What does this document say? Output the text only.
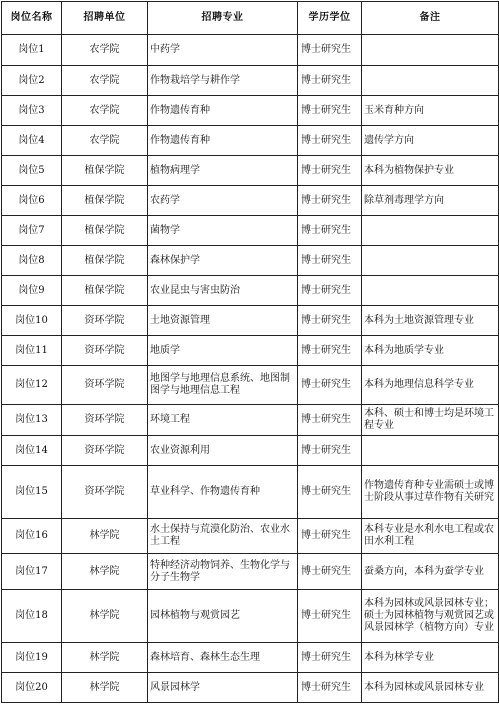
岗位名称	招聘单位	招聘专业	学历学位	备注
岗位1	农学院	中药学	博士研究生	
岗位2	农学院	作物栽培学与耕作学	博士研究生	
岗位3	农学院	作物遗传育种	博士研究生	玉米育种方向
岗位4	农学院	作物遗传育种	博士研究生	遗传学方向
岗位5	植保学院	植物病理学	博士研究生	本科为植物保护专业
岗位6	植保学院	农药学	博士研究生	除草剂毒理学方向
岗位7	植保学院	菌物学	博士研究生	
岗位8	植保学院	森林保护学	博士研究生	
岗位9	植保学院	农业昆虫与害虫防治	博士研究生	
岗位10	资环学院	土地资源管理	博士研究生	本科为土地资源管理专业
岗位11	资环学院	地质学	博士研究生	本科为地质学专业
岗位12	资环学院	地图学与地理信息系统、地图制图学与地理信息工程	博士研究生	本科为地理信息科学专业
岗位13	资环学院	环境工程	博士研究生	本科、硕士和博士均是环境工程专业
岗位14	资环学院	农业资源利用	博士研究生	
岗位15	资环学院	草业科学、作物遗传育种	博士研究生	作物遗传育种专业需硕士或博士阶段从事过草作物有关研究
岗位16	林学院	水土保持与荒漠化防治、农业水土工程	博士研究生	本科专业是水利水电工程或农田水利工程
岗位17	林学院	特种经济动物饲养、生物化学与分子生物学	博士研究生	蚕桑方向，本科为蚕学专业
岗位18	林学院	园林植物与观赏园艺	博士研究生	本科为园林或风景园林专业；硕士为园林植物与观赏园艺或风景园林学（植物方向）专业
岗位19	林学院	森林培育、森林生态生理	博士研究生	本科为林学专业
岗位20	林学院	风景园林学	博士研究生	本科为园林或风景园林专业
